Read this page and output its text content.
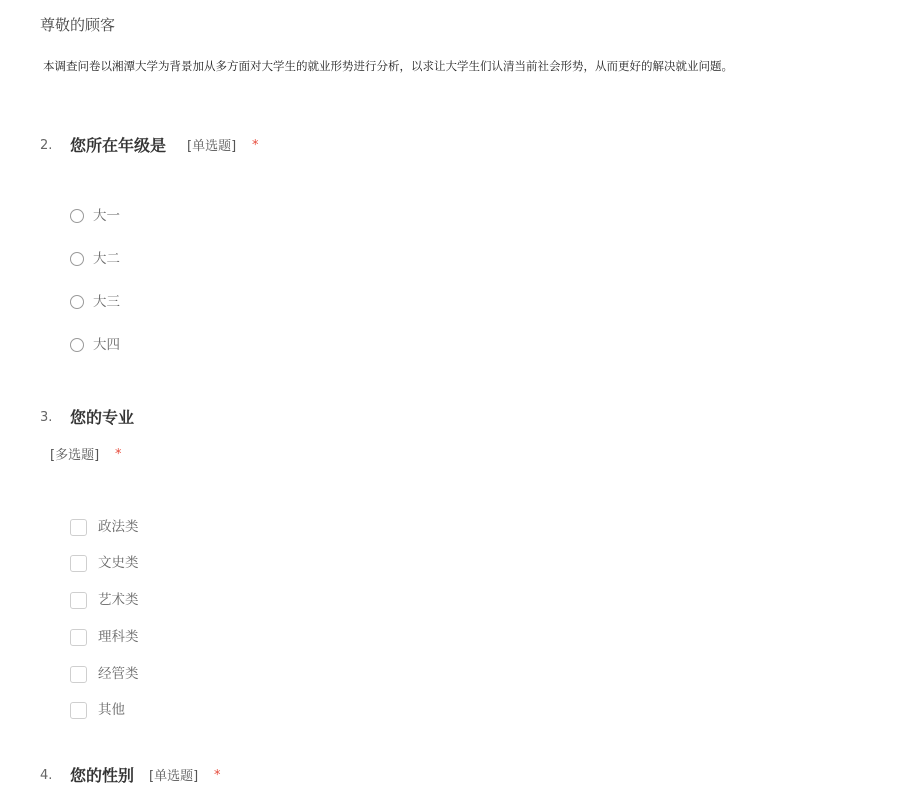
尊敬的顾客
本调查问卷以湘潭大学为背景加从多方面对大学生的就业形势进行分析，以求让大学生们认清当前社会形势，从而更好的解决就业问题。
2. 您所在年级是 [单选题] *
大一
大二
大三
大四
3. 您的专业
[多选题] *
政法类
文史类
艺术类
理科类
经管类
其他
4. 您的性别 [单选题] *
